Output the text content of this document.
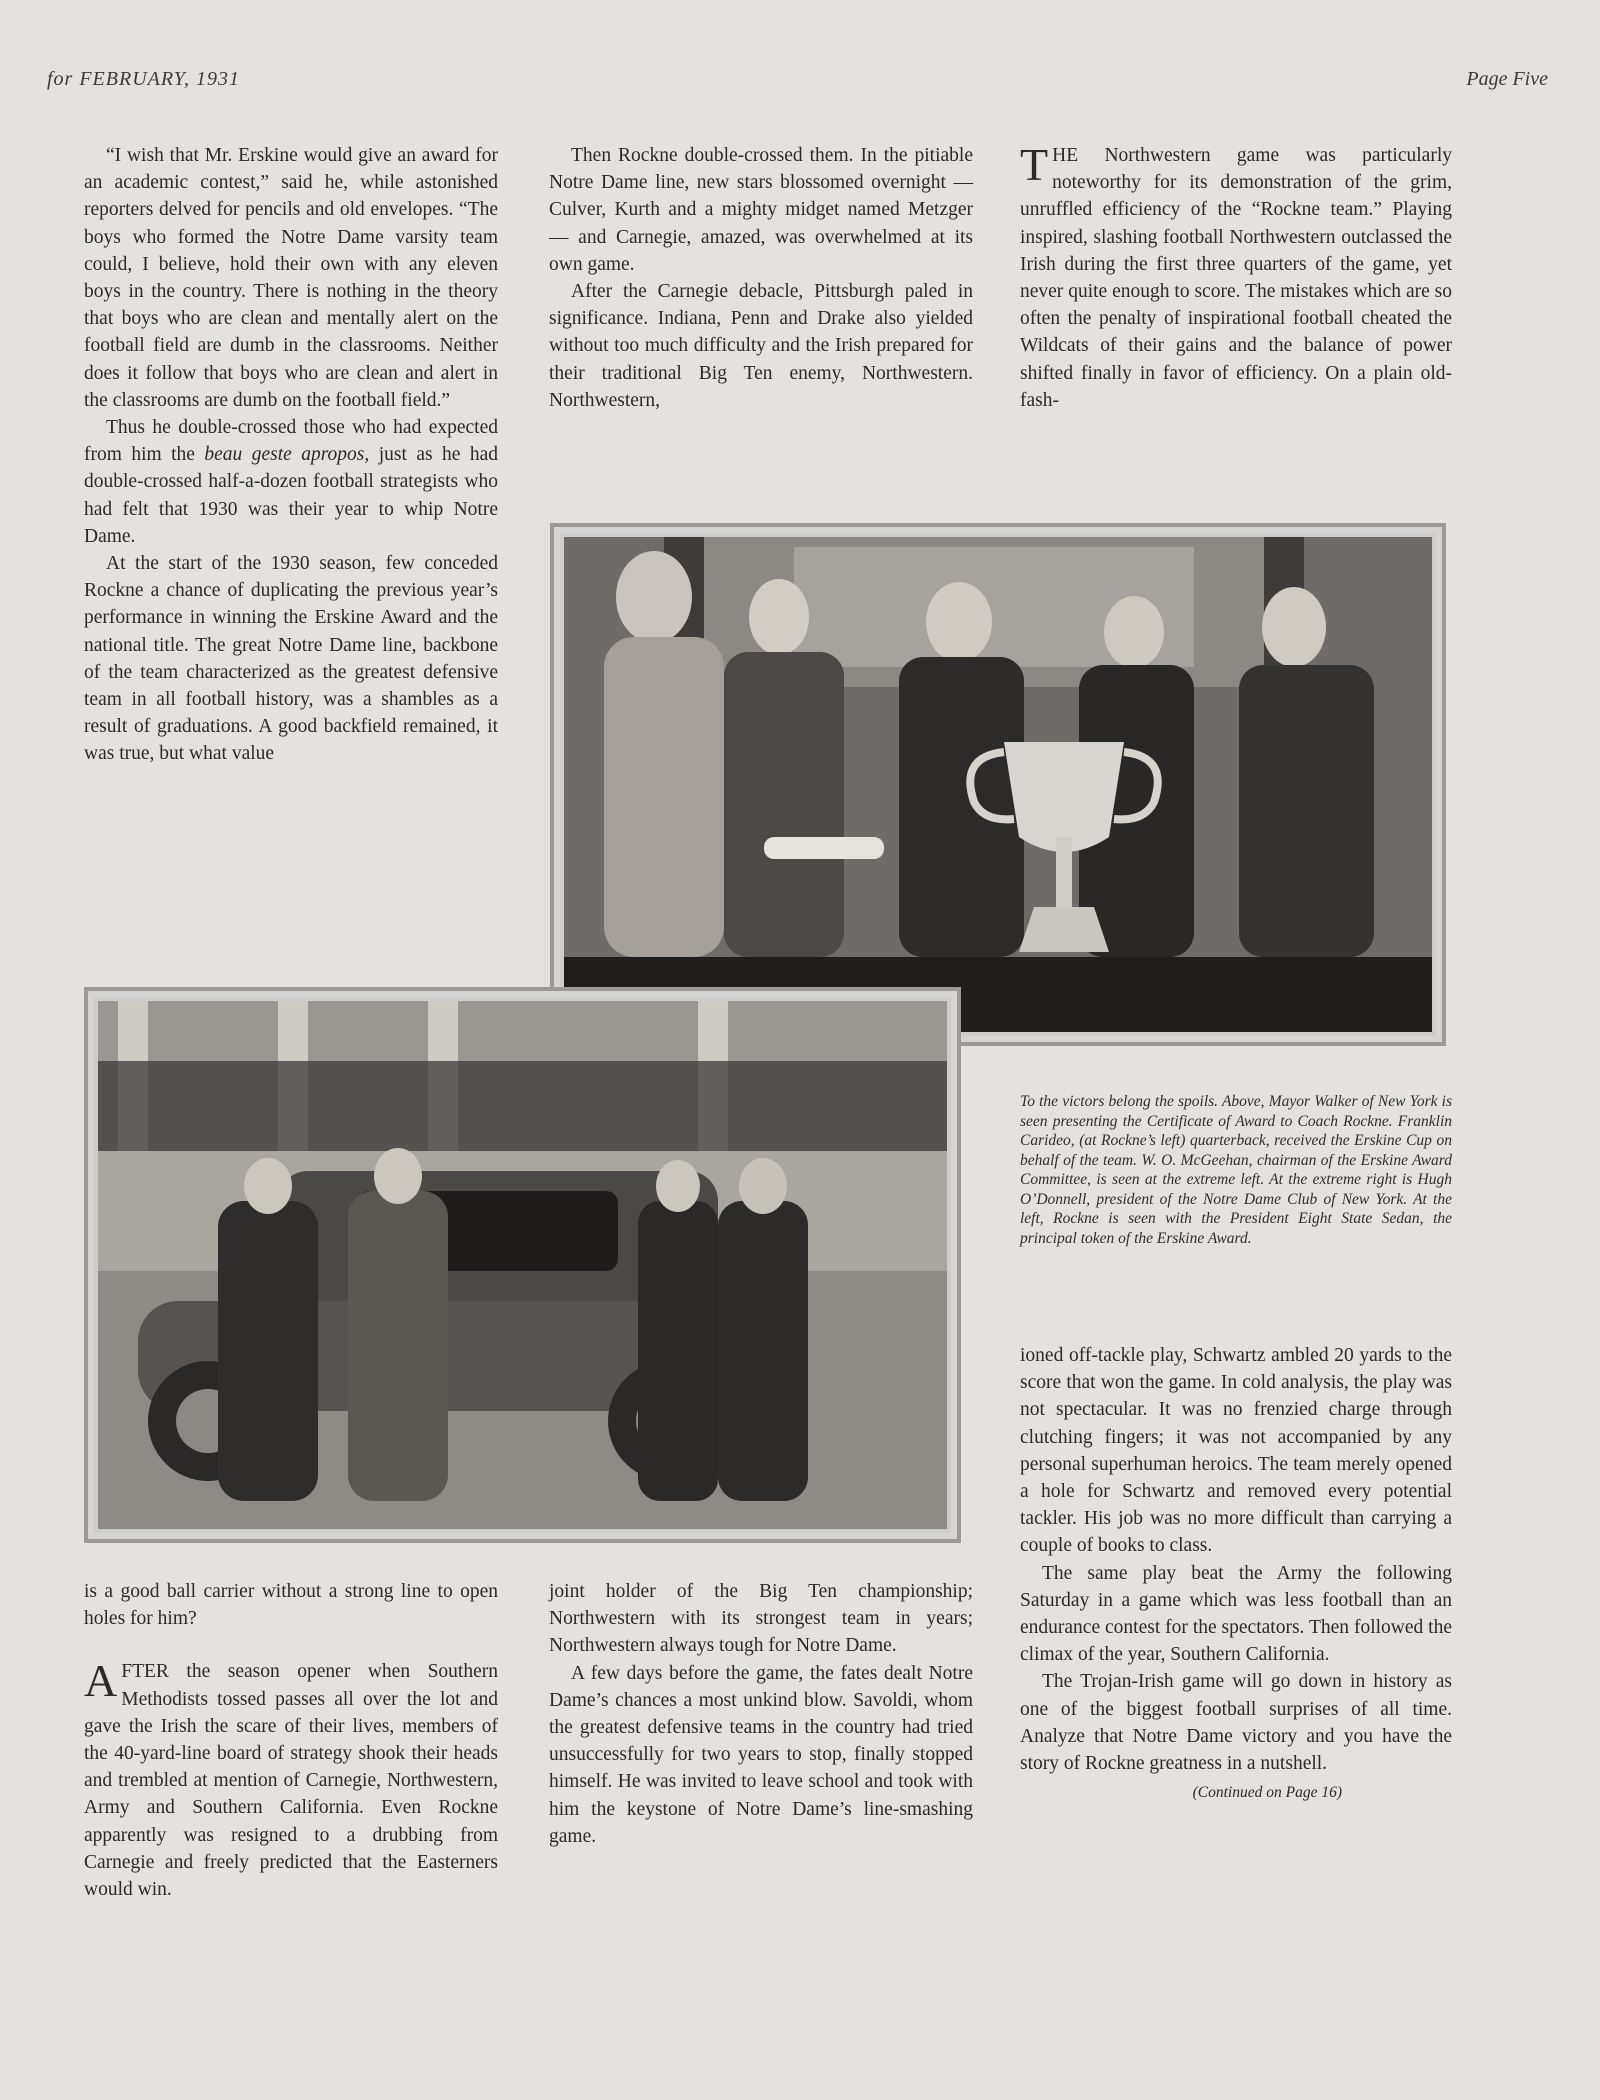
for FEBRUARY, 1931	Page Five

“I wish that Mr. Erskine would give an award for an academic contest,” said he, while astonished reporters delved for pencils and old envelopes. “The boys who formed the Notre Dame varsity team could, I believe, hold their own with any eleven boys in the country. There is nothing in the theory that boys who are clean and mentally alert on the football field are dumb in the classrooms. Neither does it follow that boys who are clean and alert in the classrooms are dumb on the football field.”

Thus he double-crossed those who had expected from him the beau geste apropos, just as he had double-crossed half-a-dozen football strategists who had felt that 1930 was their year to whip Notre Dame.

At the start of the 1930 season, few conceded Rockne a chance of duplicating the previous year’s performance in winning the Erskine Award and the national title. The great Notre Dame line, backbone of the team characterized as the greatest defensive team in all football history, was a shambles as a result of graduations. A good backfield remained, it was true, but what value

Then Rockne double-crossed them. In the pitiable Notre Dame line, new stars blossomed overnight — Culver, Kurth and a mighty midget named Metzger — and Carnegie, amazed, was overwhelmed at its own game.

After the Carnegie debacle, Pittsburgh paled in significance. Indiana, Penn and Drake also yielded without too much difficulty and the Irish prepared for their traditional Big Ten enemy, Northwestern. Northwestern,

THE Northwestern game was particularly noteworthy for its demonstration of the grim, unruffled efficiency of the “Rockne team.” Playing inspired, slashing football Northwestern outclassed the Irish during the first three quarters of the game, yet never quite enough to score. The mistakes which are so often the penalty of inspirational football cheated the Wildcats of their gains and the balance of power shifted finally in favor of efficiency. On a plain old-fash-

To the victors belong the spoils. Above, Mayor Walker of New York is seen presenting the Certificate of Award to Coach Rockne. Franklin Carideo, (at Rockne’s left) quarterback, received the Erskine Cup on behalf of the team. W. O. McGeehan, chairman of the Erskine Award Committee, is seen at the extreme left. At the extreme right is Hugh O’Donnell, president of the Notre Dame Club of New York. At the left, Rockne is seen with the President Eight State Sedan, the principal token of the Erskine Award.

ioned off-tackle play, Schwartz ambled 20 yards to the score that won the game. In cold analysis, the play was not spectacular. It was no frenzied charge through clutching fingers; it was not accompanied by any personal superhuman heroics. The team merely opened a hole for Schwartz and removed every potential tackler. His job was no more difficult than carrying a couple of books to class.

The same play beat the Army the following Saturday in a game which was less football than an endurance contest for the spectators. Then followed the climax of the year, Southern California.

The Trojan-Irish game will go down in history as one of the biggest football surprises of all time. Analyze that Notre Dame victory and you have the story of Rockne greatness in a nutshell.

(Continued on Page 16)

is a good ball carrier without a strong line to open holes for him?

AFTER the season opener when Southern Methodists tossed passes all over the lot and gave the Irish the scare of their lives, members of the 40-yard-line board of strategy shook their heads and trembled at mention of Carnegie, Northwestern, Army and Southern California. Even Rockne apparently was resigned to a drubbing from Carnegie and freely predicted that the Easterners would win.

joint holder of the Big Ten championship; Northwestern with its strongest team in years; Northwestern always tough for Notre Dame.

A few days before the game, the fates dealt Notre Dame’s chances a most unkind blow. Savoldi, whom the greatest defensive teams in the country had tried unsuccessfully for two years to stop, finally stopped himself. He was invited to leave school and took with him the keystone of Notre Dame’s line-smashing game.
